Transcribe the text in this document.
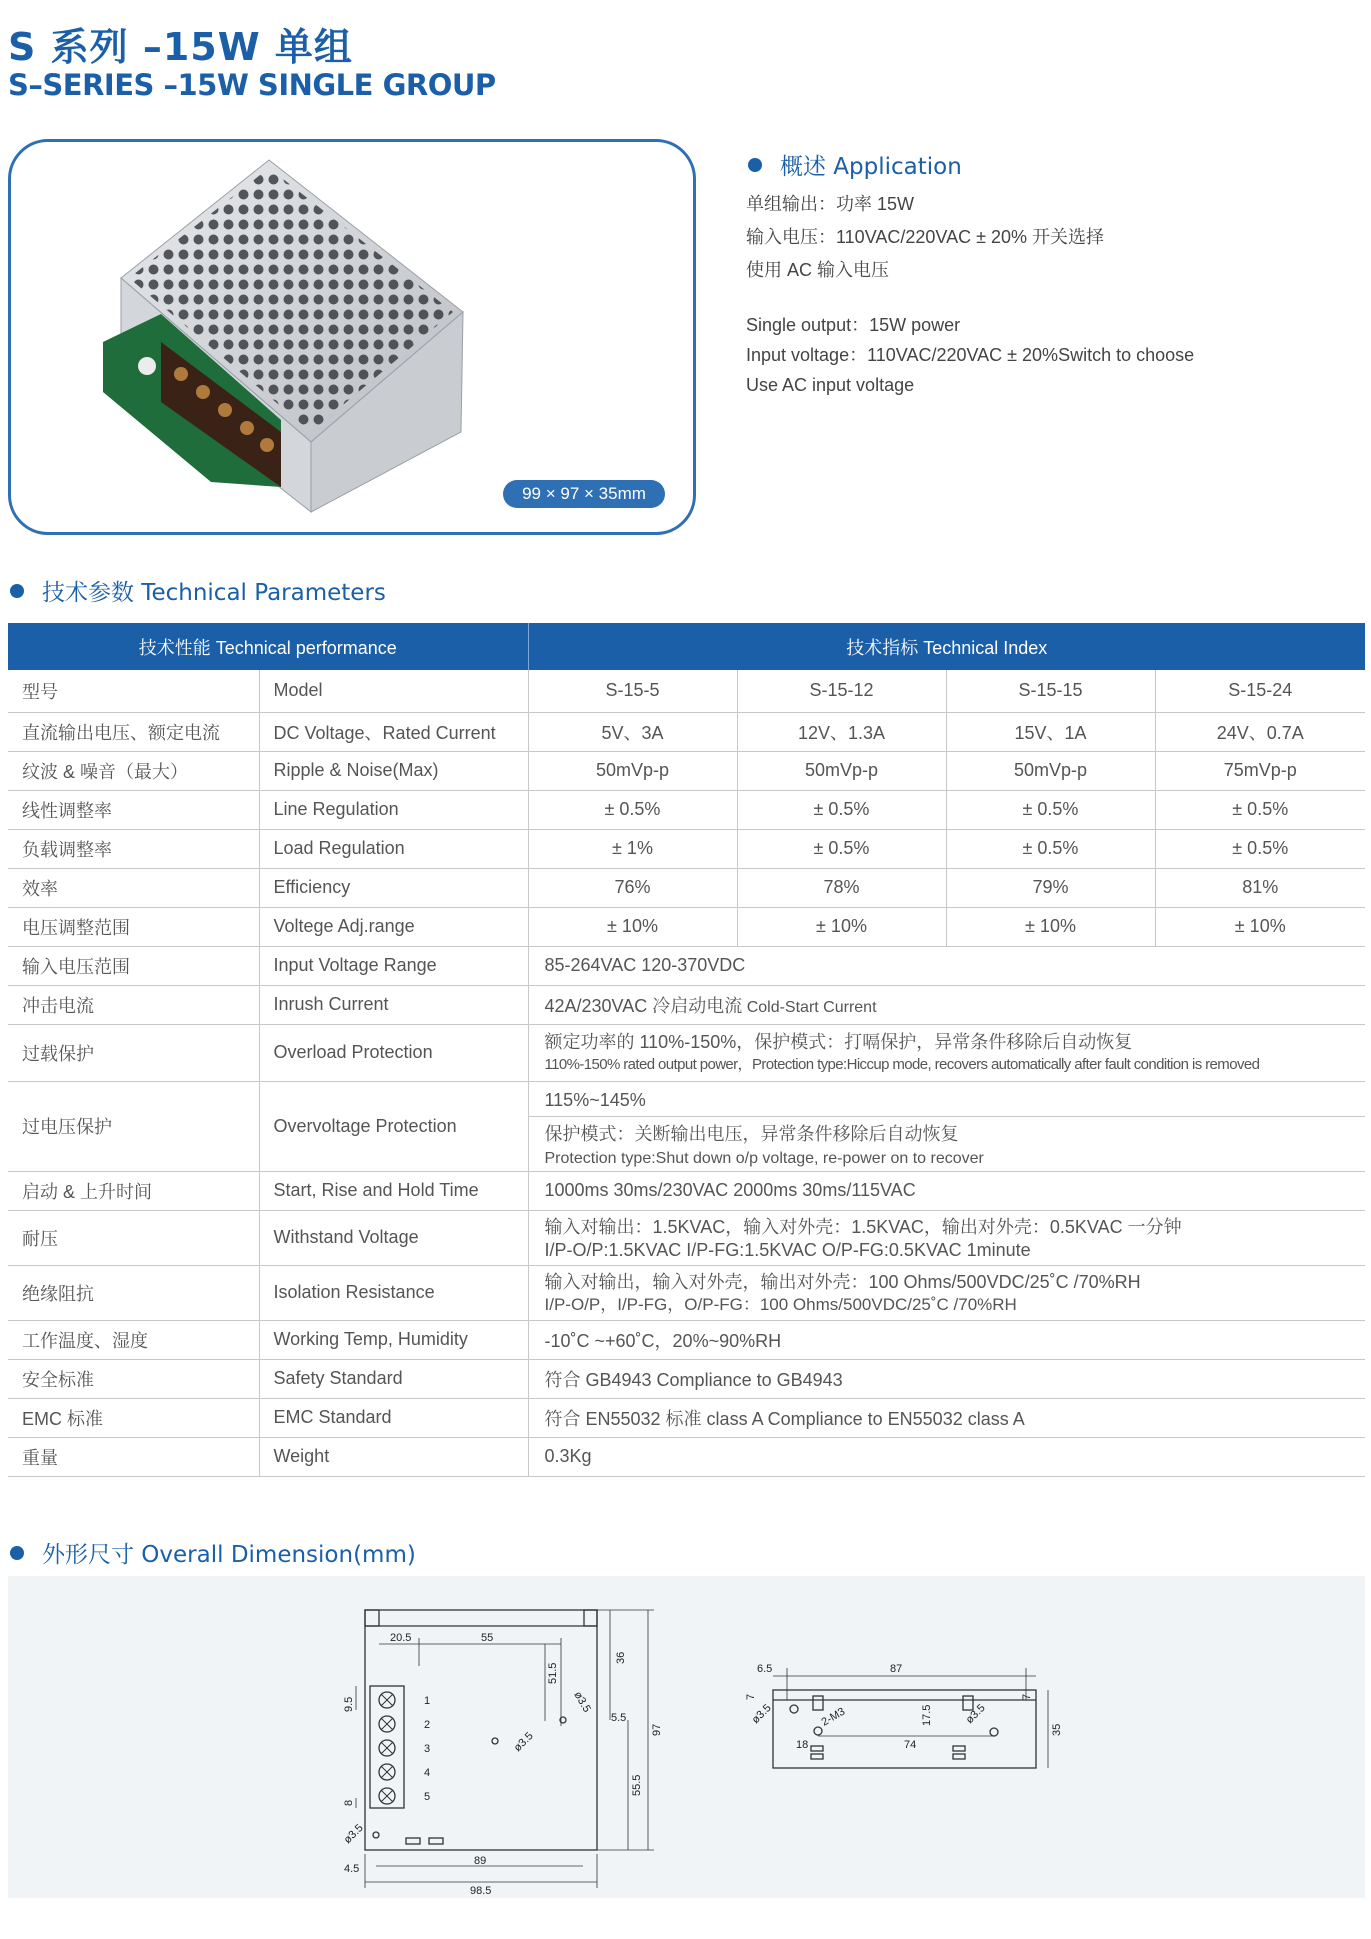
S 系列 –15W 单组
S–SERIES –15W SINGLE GROUP
99 × 97 × 35mm
概述 Application
单组输出：功率 15W
输入电压：110VAC/220VAC ± 20% 开关选择
使用 AC 输入电压
Single output：15W power
Input voltage：110VAC/220VAC ± 20%Switch to choose
Use AC input voltage
技术参数 Technical Parameters
技术性能 Technical performance		技术指标 Technical Index			
型号	Model	S-15-5	S-15-12	S-15-15	S-15-24
直流输出电压、额定电流	DC Voltage、Rated Current	5V、3A	12V、1.3A	15V、1A	24V、0.7A
纹波 & 噪音（最大）	Ripple & Noise(Max)	50mVp-p	50mVp-p	50mVp-p	75mVp-p
线性调整率	Line Regulation	± 0.5%	± 0.5%	± 0.5%	± 0.5%
负载调整率	Load Regulation	± 1%	± 0.5%	± 0.5%	± 0.5%
效率	Efficiency	76%	78%	79%	81%
电压调整范围	Voltege Adj.range	± 10%	± 10%	± 10%	± 10%
输入电压范围	Input Voltage Range	85-264VAC 120-370VDC			
冲击电流	Inrush Current	42A/230VAC 冷启动电流 Cold-Start Current			
过载保护	Overload Protection	额定功率的 110%-150%，保护模式：打嗝保护，异常条件移除后自动恢复
110%-150% rated output power，Protection type:Hiccup mode, recovers automatically after fault condition is removed			

过电压保护	Overvoltage Protection	115%~145%
保护模式：关断输出电压，异常条件移除后自动恢复
Protection type:Shut down o/p voltage, re-power on to recover			

启动 & 上升时间	Start, Rise and Hold Time	1000ms 30ms/230VAC 2000ms 30ms/115VAC			
耐压	Withstand Voltage	输入对输出：1.5KVAC，输入对外壳：1.5KVAC，输出对外壳：0.5KVAC 一分钟
I/P-O/P:1.5KVAC I/P-FG:1.5KVAC O/P-FG:0.5KVAC 1minute			

绝缘阻抗	Isolation Resistance	输入对输出，输入对外壳，输出对外壳：100 Ohms/500VDC/25˚C /70%RH
I/P-O/P，I/P-FG，O/P-FG：100 Ohms/500VDC/25˚C /70%RH			

工作温度、湿度	Working Temp, Humidity	-10˚C ~+60˚C，20%~90%RH			
安全标准	Safety Standard	符合 GB4943 Compliance to GB4943			
EMC 标准	EMC Standard	符合 EN55032 标准 class A Compliance to EN55032 class A			
重量	Weight	0.3Kg			
外形尺寸 Overall Dimension(mm)
20.5	55
51.5
36
5.5
97
55.5
9.5
8
89
98.5
4.5
ø3.5
ø3.5
ø3.5
1
2
3
4
5
6.5	87
7	7
17.5
18	74
35
2-M3
ø3.5	ø3.5
